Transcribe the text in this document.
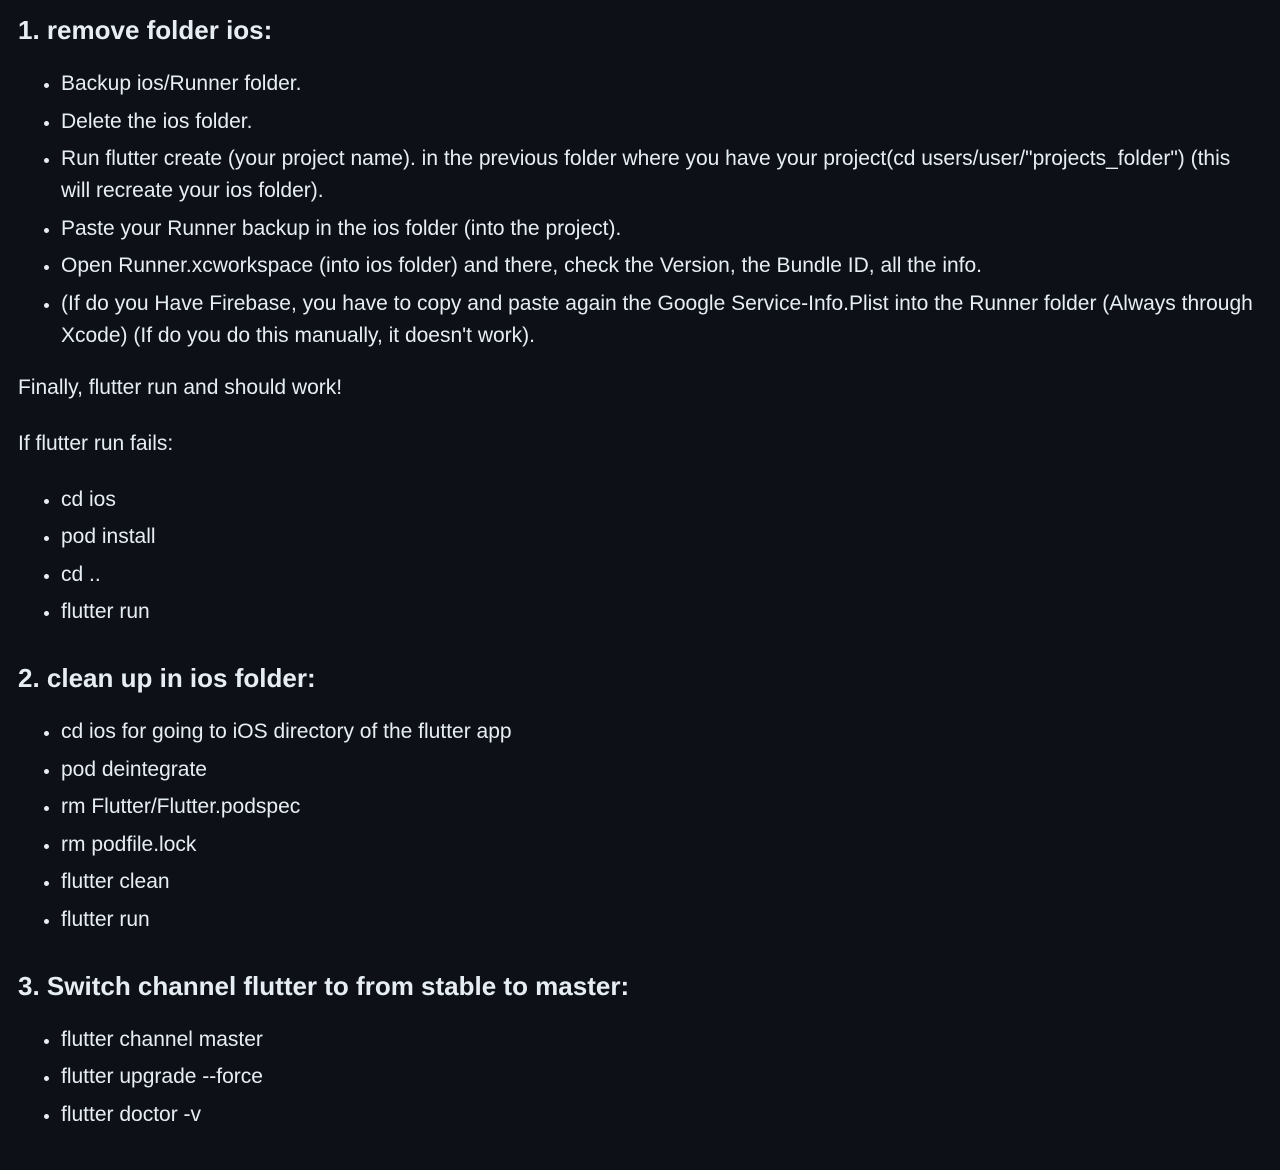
1. remove folder ios:
• Backup ios/Runner folder.
• Delete the ios folder.
• Run flutter create (your project name). in the previous folder where you have your project(cd users/user/"projects_folder") (this will recreate your ios folder).
• Paste your Runner backup in the ios folder (into the project).
• Open Runner.xcworkspace (into ios folder) and there, check the Version, the Bundle ID, all the info.
• (If do you Have Firebase, you have to copy and paste again the Google Service-Info.Plist into the Runner folder (Always through Xcode) (If do you do this manually, it doesn't work).

Finally, flutter run and should work!

If flutter run fails:

• cd ios
• pod install
• cd ..
• flutter run
2. clean up in ios folder:
• cd ios for going to iOS directory of the flutter app
• pod deintegrate
• rm Flutter/Flutter.podspec
• rm podfile.lock
• flutter clean
• flutter run
3. Switch channel flutter to from stable to master:
• flutter channel master
• flutter upgrade --force
• flutter doctor -v
